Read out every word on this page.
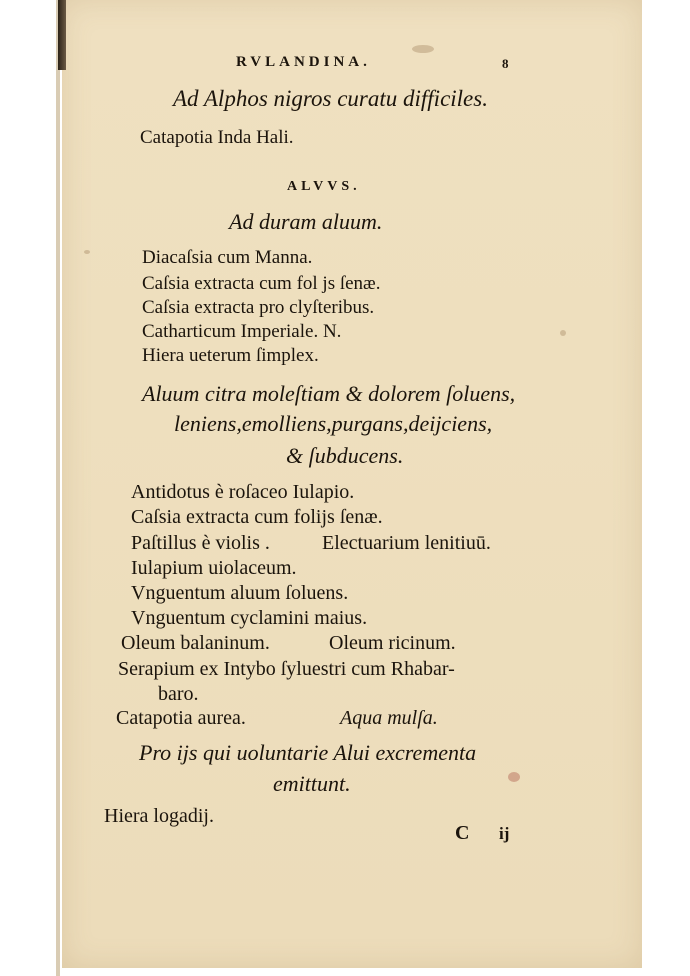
RVLANDINA.	8
Ad Alphos nigros curatu difficiles.
Catapotia Inda Hali.
ALVVS.
Ad duram aluum.
Diacaſsia cum Manna.
Caſsia extracta cum fol js ſenæ.
Caſsia extracta pro clyſteribus.
Catharticum Imperiale. N.
Hiera ueterum ſimplex.
Aluum citra moleſtiam & dolorem ſoluens,
leniens,emolliens,purgans,deijciens,
& ſubducens.
Antidotus è roſaceo Iulapio.
Caſsia extracta cum folijs ſenæ.
Paſtillus è violis .	Electuarium lenitiuū.
Iulapium uiolaceum.
Vnguentum aluum ſoluens.
Vnguentum cyclamini maius.
Oleum balaninum.	Oleum ricinum.
Serapium ex Intybo ſyluestri cum Rhabar-
baro.
Catapotia aurea.	Aqua mulſa.
Pro ijs qui uoluntarie Alui excrementa
emittunt.
Hiera logadij.
C ij
